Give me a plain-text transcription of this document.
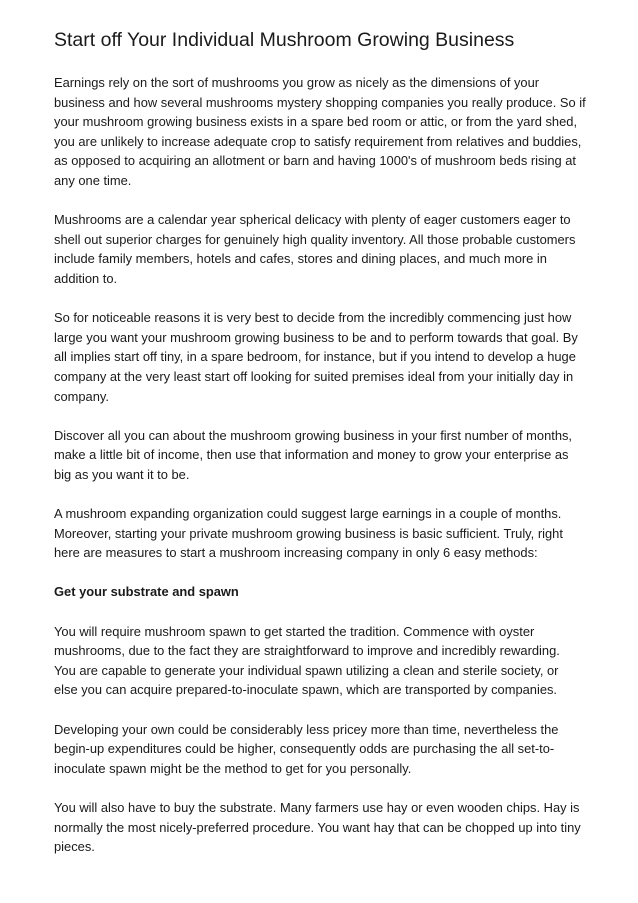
Start off Your Individual Mushroom Growing Business

Earnings rely on the sort of mushrooms you grow as nicely as the dimensions of your
business and how several mushrooms mystery shopping companies you really produce. So if
your mushroom growing business exists in a spare bed room or attic, or from the yard shed,
you are unlikely to increase adequate crop to satisfy requirement from relatives and buddies,
as opposed to acquiring an allotment or barn and having 1000's of mushroom beds rising at
any one time.

Mushrooms are a calendar year spherical delicacy with plenty of eager customers eager to
shell out superior charges for genuinely high quality inventory. All those probable customers
include family members, hotels and cafes, stores and dining places, and much more in
addition to.

So for noticeable reasons it is very best to decide from the incredibly commencing just how
large you want your mushroom growing business to be and to perform towards that goal. By
all implies start off tiny, in a spare bedroom, for instance, but if you intend to develop a huge
company at the very least start off looking for suited premises ideal from your initially day in
company.

Discover all you can about the mushroom growing business in your first number of months,
make a little bit of income, then use that information and money to grow your enterprise as
big as you want it to be.

A mushroom expanding organization could suggest large earnings in a couple of months.
Moreover, starting your private mushroom growing business is basic sufficient. Truly, right
here are measures to start a mushroom increasing company in only 6 easy methods:

Get your substrate and spawn

You will require mushroom spawn to get started the tradition. Commence with oyster
mushrooms, due to the fact they are straightforward to improve and incredibly rewarding.
You are capable to generate your individual spawn utilizing a clean and sterile society, or
else you can acquire prepared-to-inoculate spawn, which are transported by companies.

Developing your own could be considerably less pricey more than time, nevertheless the
begin-up expenditures could be higher, consequently odds are purchasing the all set-to-
inoculate spawn might be the method to get for you personally.

You will also have to buy the substrate. Many farmers use hay or even wooden chips. Hay is
normally the most nicely-preferred procedure. You want hay that can be chopped up into tiny
pieces.
